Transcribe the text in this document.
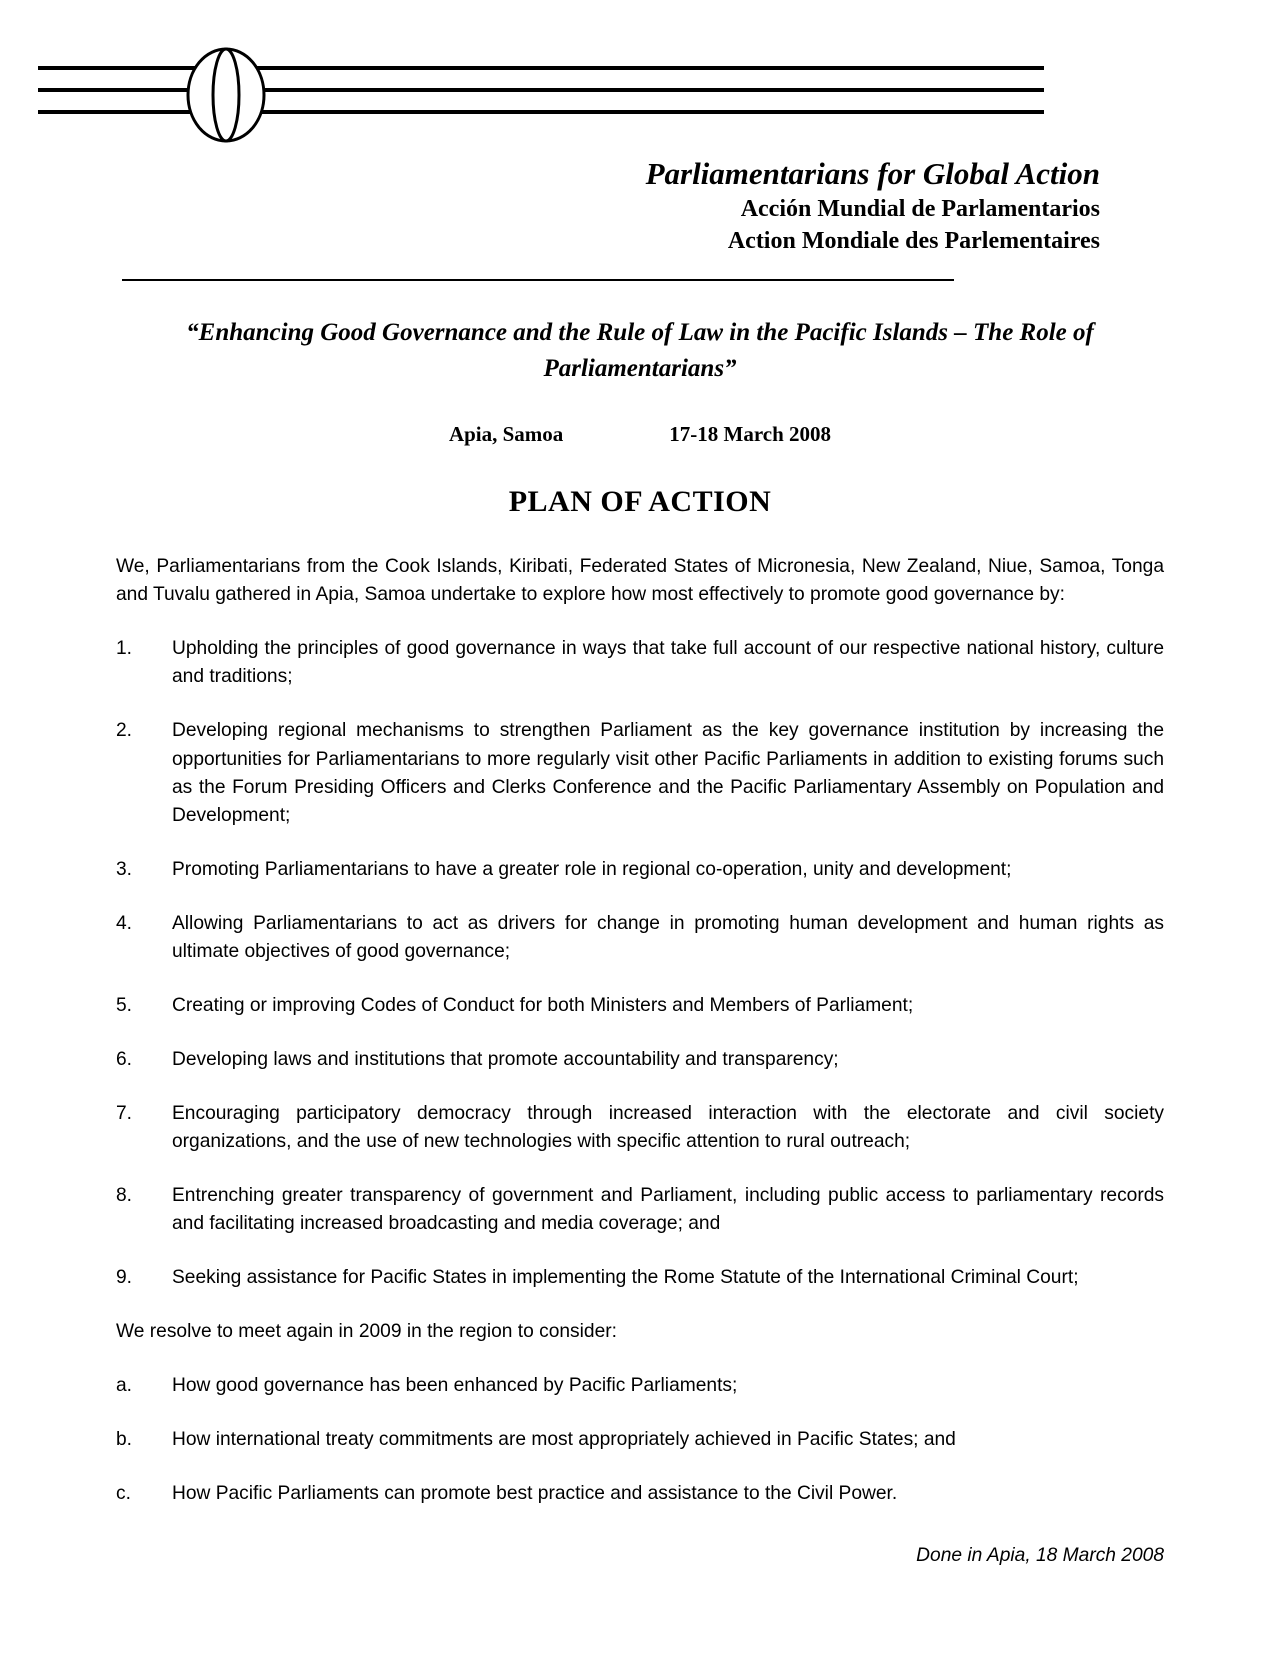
Parliamentarians for Global Action
Acción Mundial de Parlamentarios
Action Mondiale des Parlementaires
“Enhancing Good Governance and the Rule of Law in the Pacific Islands – The Role of Parliamentarians”
Apia, Samoa	17-18 March 2008
PLAN OF ACTION

We, Parliamentarians from the Cook Islands, Kiribati, Federated States of Micronesia, New Zealand, Niue, Samoa, Tonga and Tuvalu gathered in Apia, Samoa undertake to explore how most effectively to promote good governance by:

1.	Upholding the principles of good governance in ways that take full account of our respective national history, culture and traditions;
2.	Developing regional mechanisms to strengthen Parliament as the key governance institution by increasing the opportunities for Parliamentarians to more regularly visit other Pacific Parliaments in addition to existing forums such as the Forum Presiding Officers and Clerks Conference and the Pacific Parliamentary Assembly on Population and Development;
3.	Promoting Parliamentarians to have a greater role in regional co-operation, unity and development;
4.	Allowing Parliamentarians to act as drivers for change in promoting human development and human rights as ultimate objectives of good governance;
5.	Creating or improving Codes of Conduct for both Ministers and Members of Parliament;
6.	Developing laws and institutions that promote accountability and transparency;
7.	Encouraging participatory democracy through increased interaction with the electorate and civil society organizations, and the use of new technologies with specific attention to rural outreach;
8.	Entrenching greater transparency of government and Parliament, including public access to parliamentary records and facilitating increased broadcasting and media coverage; and
9.	Seeking assistance for Pacific States in implementing the Rome Statute of the International Criminal Court;

We resolve to meet again in 2009 in the region to consider:

a.	How good governance has been enhanced by Pacific Parliaments;
b.	How international treaty commitments are most appropriately achieved in Pacific States; and
c.	How Pacific Parliaments can promote best practice and assistance to the Civil Power.
Done in Apia, 18 March 2008
